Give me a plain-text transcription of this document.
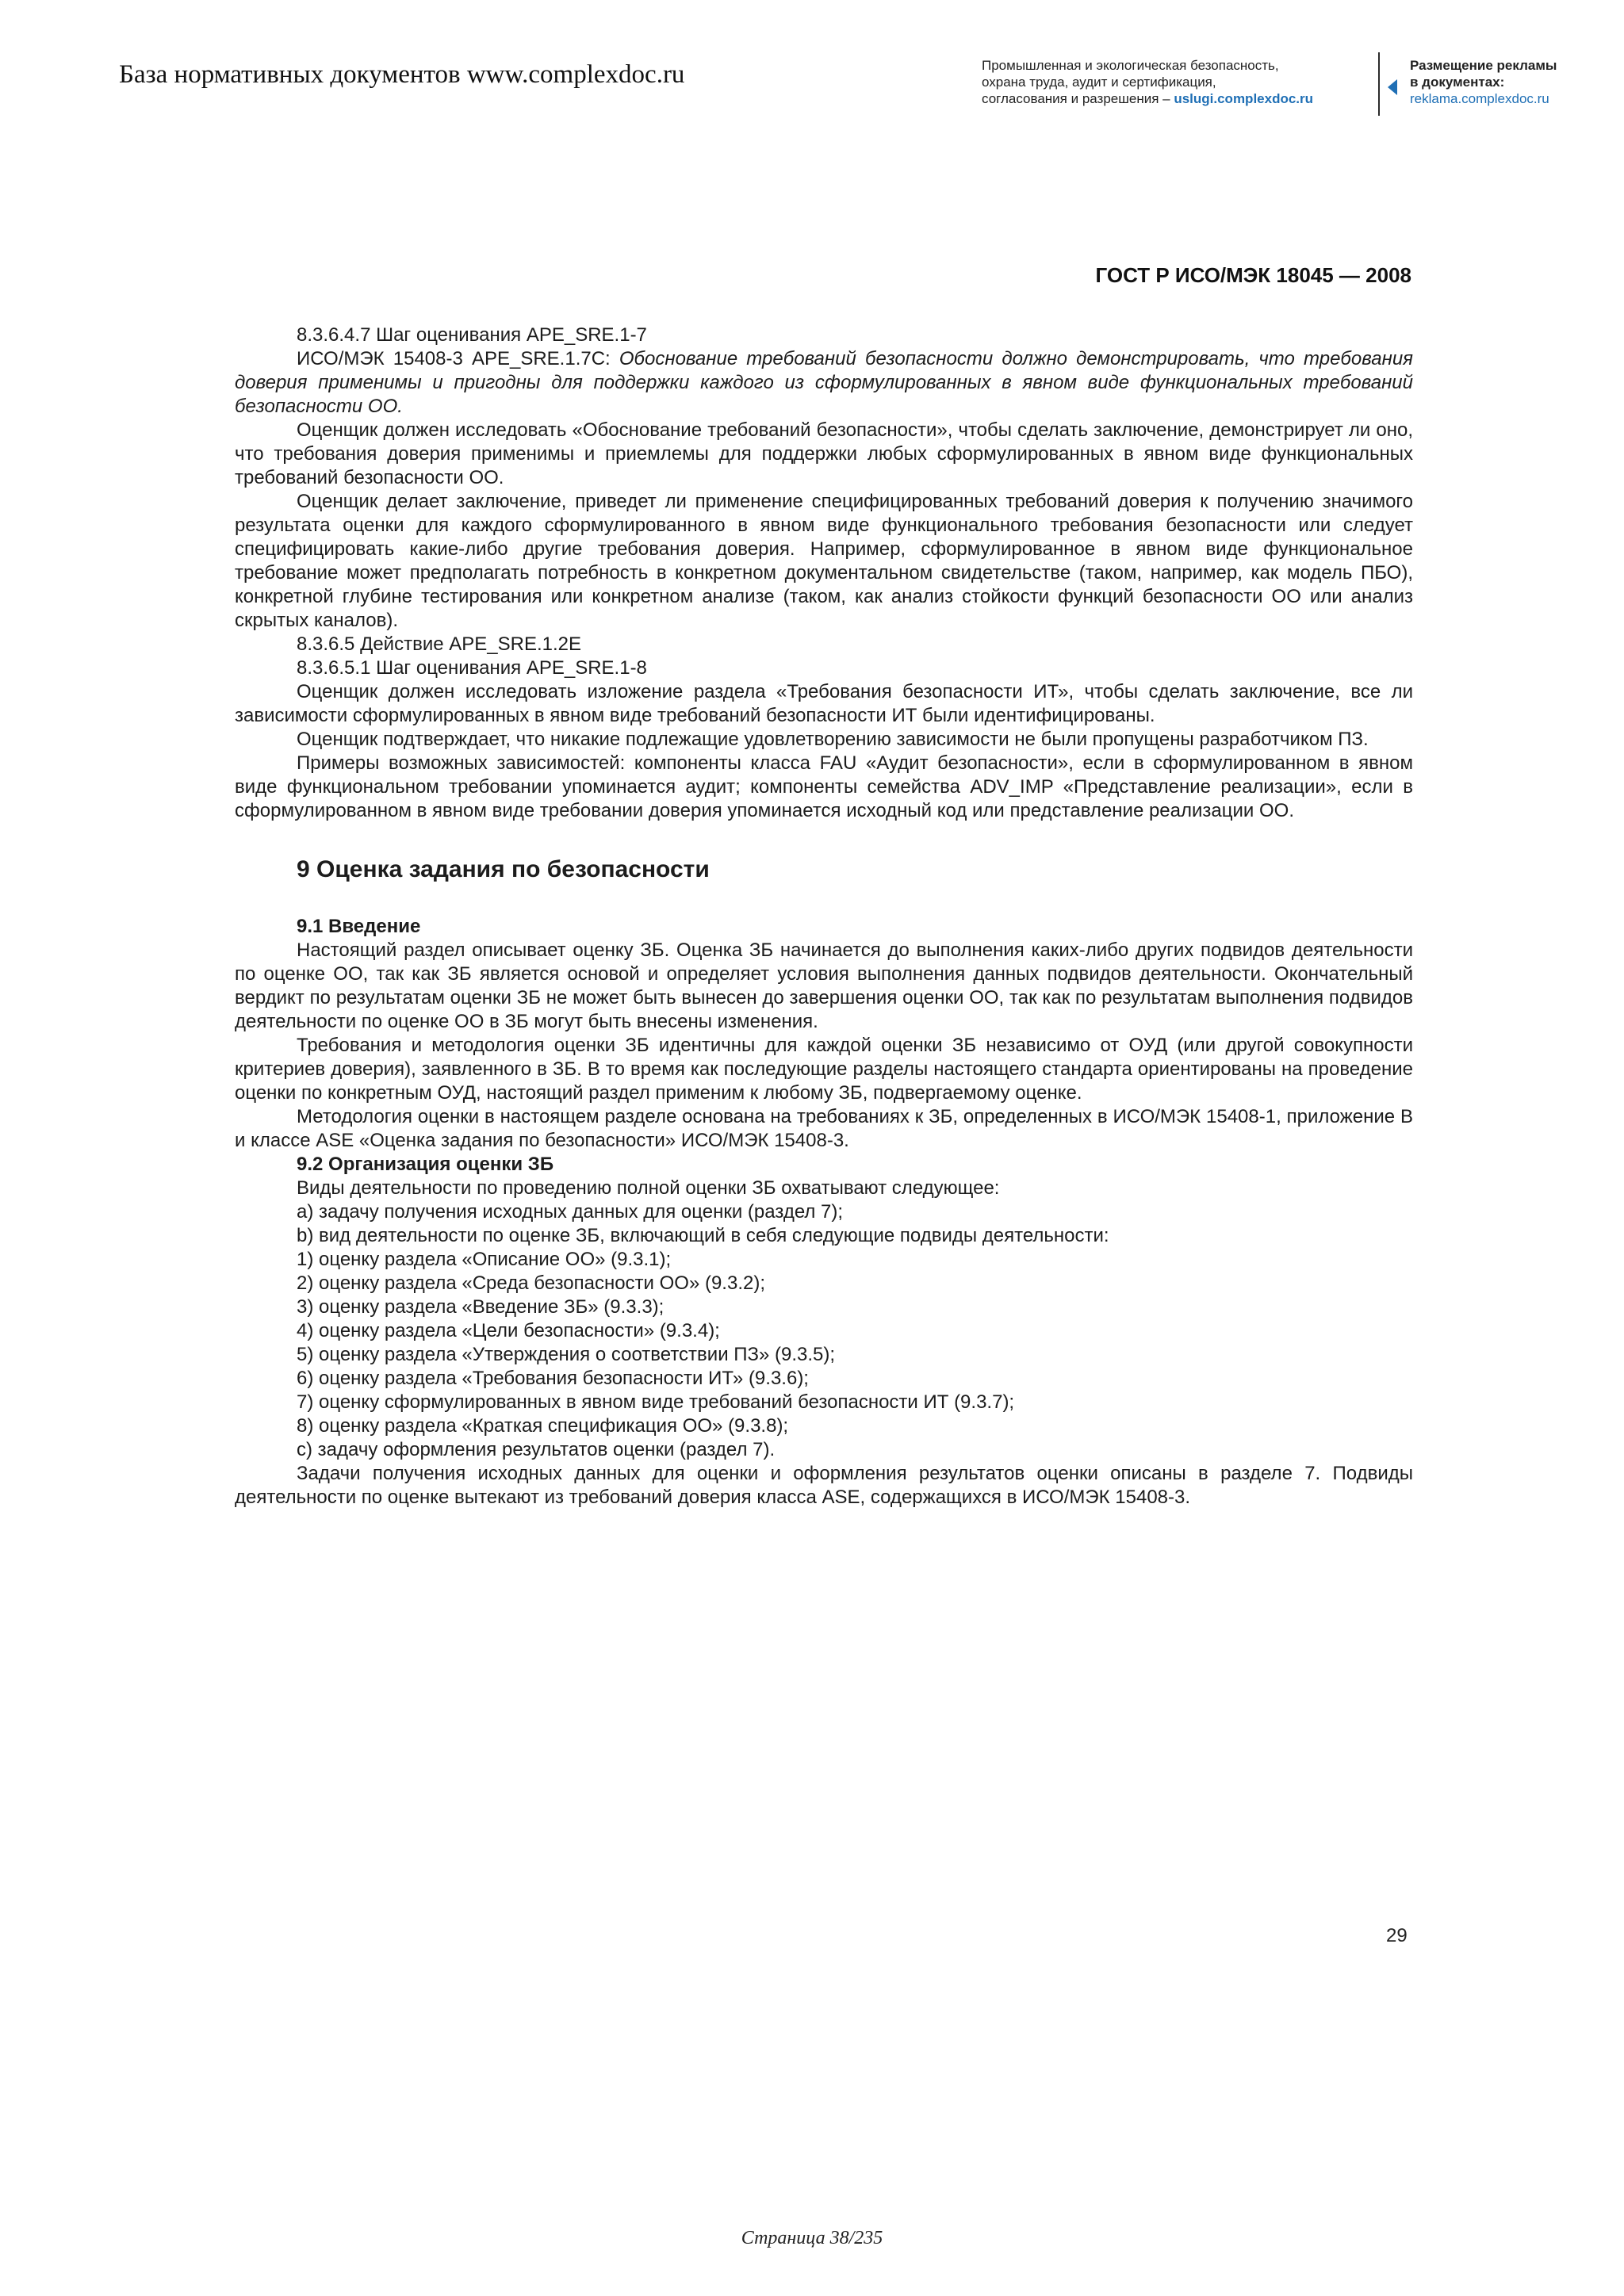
База нормативных документов www.complexdoc.ru	Промышленная и экологическая безопасность,
охрана труда, аудит и сертификация,
согласования и разрешения – uslugi.complexdoc.ru
Размещение рекламы
в документах:
reklama.complexdoc.ru
ГОСТ Р ИСО/МЭК 18045 — 2008

8.3.6.4.7 Шаг оценивания APE_SRE.1-7

ИСО/МЭК 15408-3 APE_SRE.1.7C: Обоснование требований безопасности должно демонстрировать, что требования доверия применимы и пригодны для поддержки каждого из сформулированных в явном виде функциональных требований безопасности ОО.

Оценщик должен исследовать «Обоснование требований безопасности», чтобы сделать заключение, демонстрирует ли оно, что требования доверия применимы и приемлемы для поддержки любых сформулированных в явном виде функциональных требований безопасности ОО.

Оценщик делает заключение, приведет ли применение специфицированных требований доверия к получению значимого результата оценки для каждого сформулированного в явном виде функционального требования безопасности или следует специфицировать какие-либо другие требования доверия. Например, сформулированное в явном виде функциональное требование может предполагать потребность в конкретном документальном свидетельстве (таком, например, как модель ПБО), конкретной глубине тестирования или конкретном анализе (таком, как анализ стойкости функций безопасности ОО или анализ скрытых каналов).

8.3.6.5 Действие APE_SRE.1.2E

8.3.6.5.1 Шаг оценивания APE_SRE.1-8

Оценщик должен исследовать изложение раздела «Требования безопасности ИТ», чтобы сделать заключение, все ли зависимости сформулированных в явном виде требований безопасности ИТ были идентифицированы.

Оценщик подтверждает, что никакие подлежащие удовлетворению зависимости не были пропущены разработчиком ПЗ.

Примеры возможных зависимостей: компоненты класса FAU «Аудит безопасности», если в сформулированном в явном виде функциональном требовании упоминается аудит; компоненты семейства ADV_IMP «Представление реализации», если в сформулированном в явном виде требовании доверия упоминается исходный код или представление реализации ОО.

9 Оценка задания по безопасности

9.1 Введение

Настоящий раздел описывает оценку ЗБ. Оценка ЗБ начинается до выполнения каких-либо других подвидов деятельности по оценке ОО, так как ЗБ является основой и определяет условия выполнения данных подвидов деятельности. Окончательный вердикт по результатам оценки ЗБ не может быть вынесен до завершения оценки ОО, так как по результатам выполнения подвидов деятельности по оценке ОО в ЗБ могут быть внесены изменения.

Требования и методология оценки ЗБ идентичны для каждой оценки ЗБ независимо от ОУД (или другой совокупности критериев доверия), заявленного в ЗБ. В то время как последующие разделы настоящего стандарта ориентированы на проведение оценки по конкретным ОУД, настоящий раздел применим к любому ЗБ, подвергаемому оценке.

Методология оценки в настоящем разделе основана на требованиях к ЗБ, определенных в ИСО/МЭК 15408-1, приложение В и классе ASE «Оценка задания по безопасности» ИСО/МЭК 15408-3.

9.2 Организация оценки ЗБ

Виды деятельности по проведению полной оценки ЗБ охватывают следующее:

a) задачу получения исходных данных для оценки (раздел 7);

b) вид деятельности по оценке ЗБ, включающий в себя следующие подвиды деятельности:

1) оценку раздела «Описание ОО» (9.3.1);

2) оценку раздела «Среда безопасности ОО» (9.3.2);

3) оценку раздела «Введение ЗБ» (9.3.3);

4) оценку раздела «Цели безопасности» (9.3.4);

5) оценку раздела «Утверждения о соответствии ПЗ» (9.3.5);

6) оценку раздела «Требования безопасности ИТ» (9.3.6);

7) оценку сформулированных в явном виде требований безопасности ИТ (9.3.7);

8) оценку раздела «Краткая спецификация ОО» (9.3.8);

c) задачу оформления результатов оценки (раздел 7).

Задачи получения исходных данных для оценки и оформления результатов оценки описаны в разделе 7. Подвиды деятельности по оценке вытекают из требований доверия класса ASE, содержащихся в ИСО/МЭК 15408-3.

29
Страница 38/235
